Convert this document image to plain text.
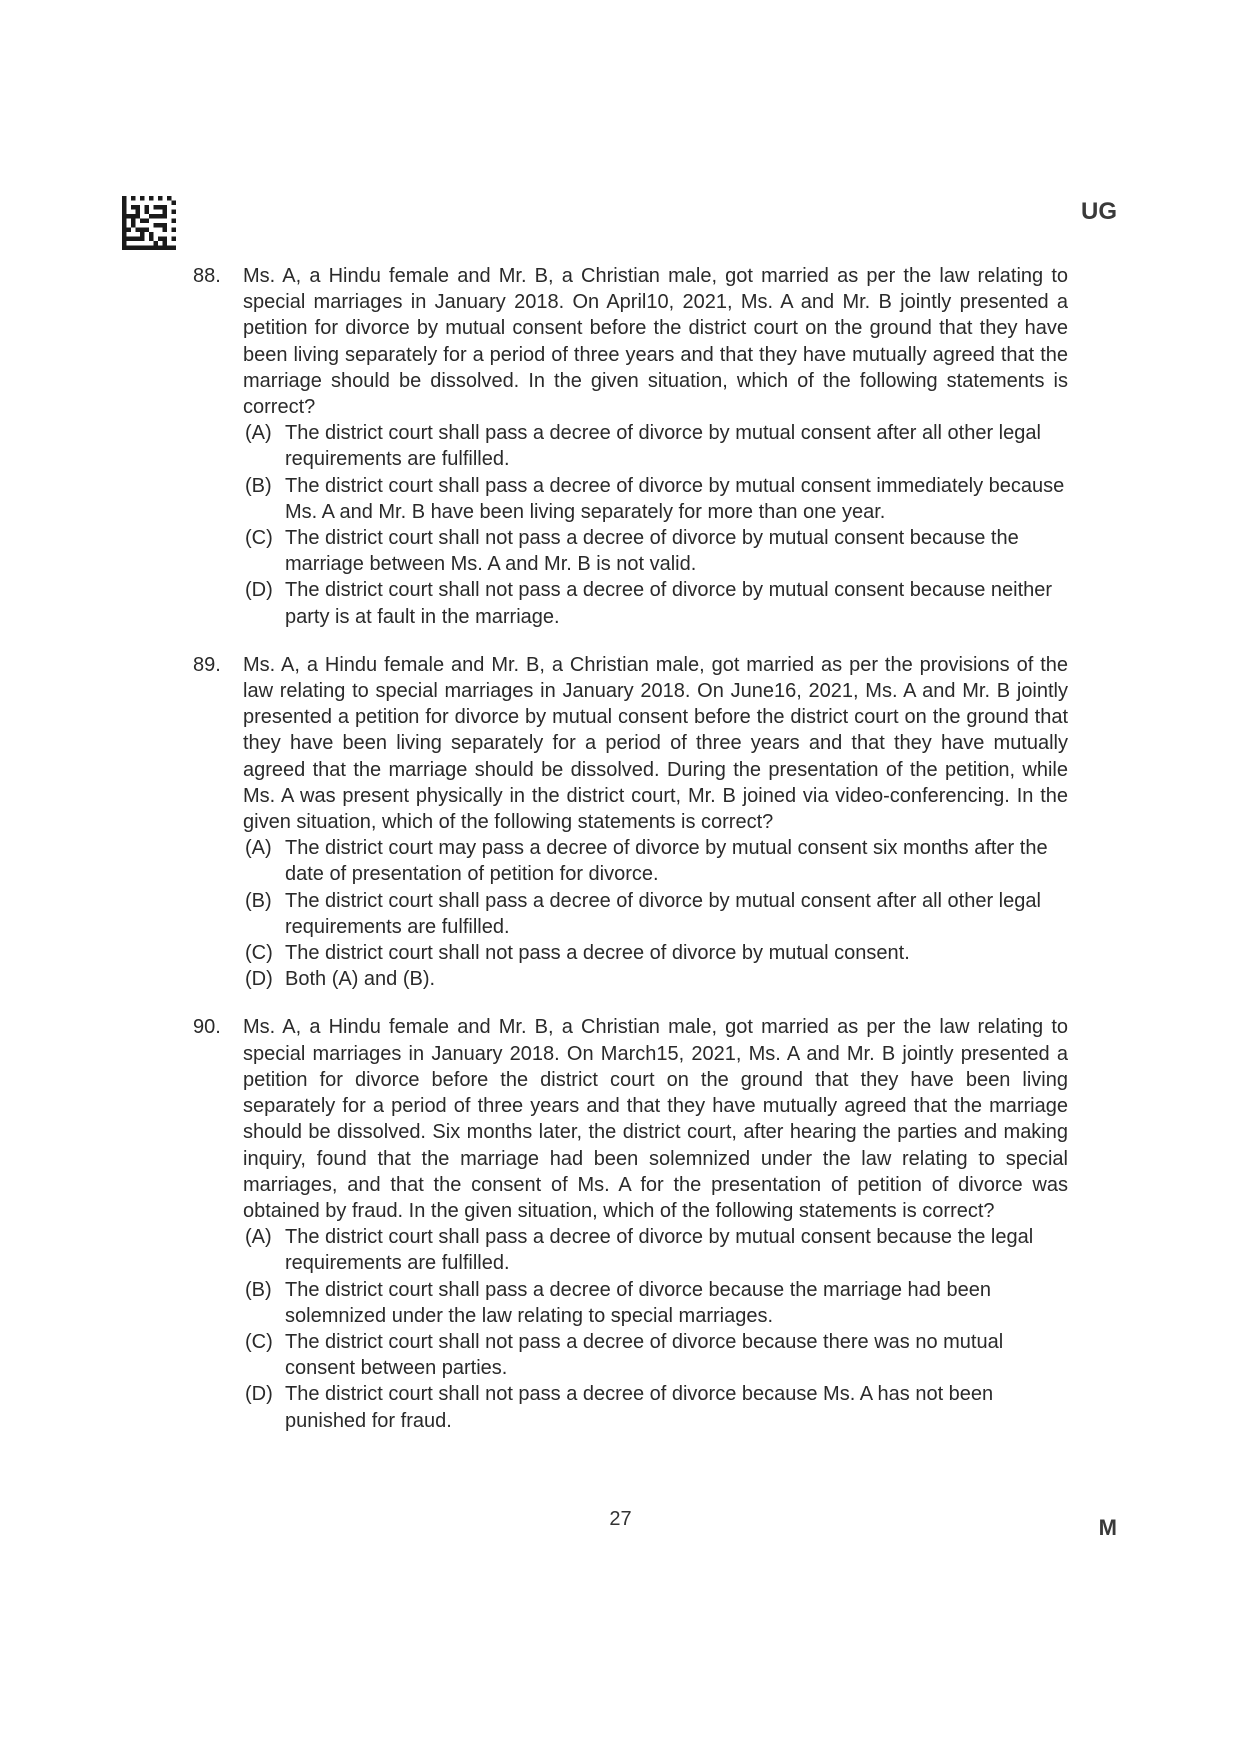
UG
88. Ms. A, a Hindu female and Mr. B, a Christian male, got married as per the law relating to special marriages in January 2018. On April10, 2021, Ms. A and Mr. B jointly presented a petition for divorce by mutual consent before the district court on the ground that they have been living separately for a period of three years and that they have mutually agreed that the marriage should be dissolved. In the given situation, which of the following statements is correct?
(A) The district court shall pass a decree of divorce by mutual consent after all other legal requirements are fulfilled.
(B) The district court shall pass a decree of divorce by mutual consent immediately because Ms. A and Mr. B have been living separately for more than one year.
(C) The district court shall not pass a decree of divorce by mutual consent because the marriage between Ms. A and Mr. B is not valid.
(D) The district court shall not pass a decree of divorce by mutual consent because neither party is at fault in the marriage.
89. Ms. A, a Hindu female and Mr. B, a Christian male, got married as per the provisions of the law relating to special marriages in January 2018. On June16, 2021, Ms. A and Mr. B jointly presented a petition for divorce by mutual consent before the district court on the ground that they have been living separately for a period of three years and that they have mutually agreed that the marriage should be dissolved. During the presentation of the petition, while Ms. A was present physically in the district court, Mr. B joined via video-conferencing. In the given situation, which of the following statements is correct?
(A) The district court may pass a decree of divorce by mutual consent six months after the date of presentation of petition for divorce.
(B) The district court shall pass a decree of divorce by mutual consent after all other legal requirements are fulfilled.
(C) The district court shall not pass a decree of divorce by mutual consent.
(D) Both (A) and (B).
90. Ms. A, a Hindu female and Mr. B, a Christian male, got married as per the law relating to special marriages in January 2018. On March15, 2021, Ms. A and Mr. B jointly presented a petition for divorce before the district court on the ground that they have been living separately for a period of three years and that they have mutually agreed that the marriage should be dissolved. Six months later, the district court, after hearing the parties and making inquiry, found that the marriage had been solemnized under the law relating to special marriages, and that the consent of Ms. A for the presentation of petition of divorce was obtained by fraud. In the given situation, which of the following statements is correct?
(A) The district court shall pass a decree of divorce by mutual consent because the legal requirements are fulfilled.
(B) The district court shall pass a decree of divorce because the marriage had been solemnized under the law relating to special marriages.
(C) The district court shall not pass a decree of divorce because there was no mutual consent between parties.
(D) The district court shall not pass a decree of divorce because Ms. A has not been punished for fraud.
27	M
